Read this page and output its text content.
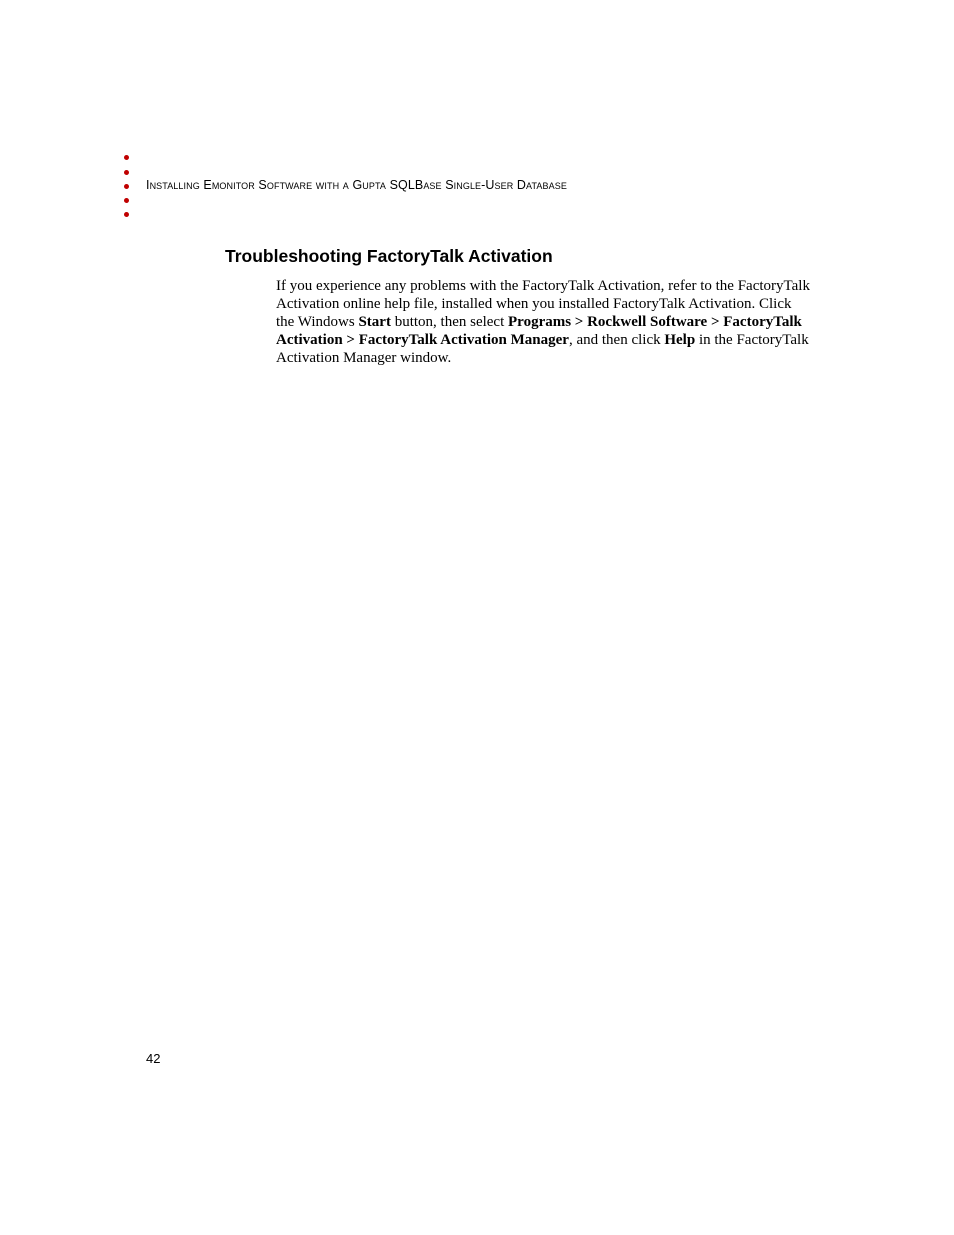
Installing Emonitor Software with a Gupta SQLBase Single-User Database
Troubleshooting FactoryTalk Activation

If you experience any problems with the FactoryTalk Activation, refer to the FactoryTalk Activation online help file, installed when you installed FactoryTalk Activation. Click the Windows Start button, then select Programs > Rockwell Software > FactoryTalk Activation > FactoryTalk Activation Manager, and then click Help in the FactoryTalk Activation Manager window.

42
